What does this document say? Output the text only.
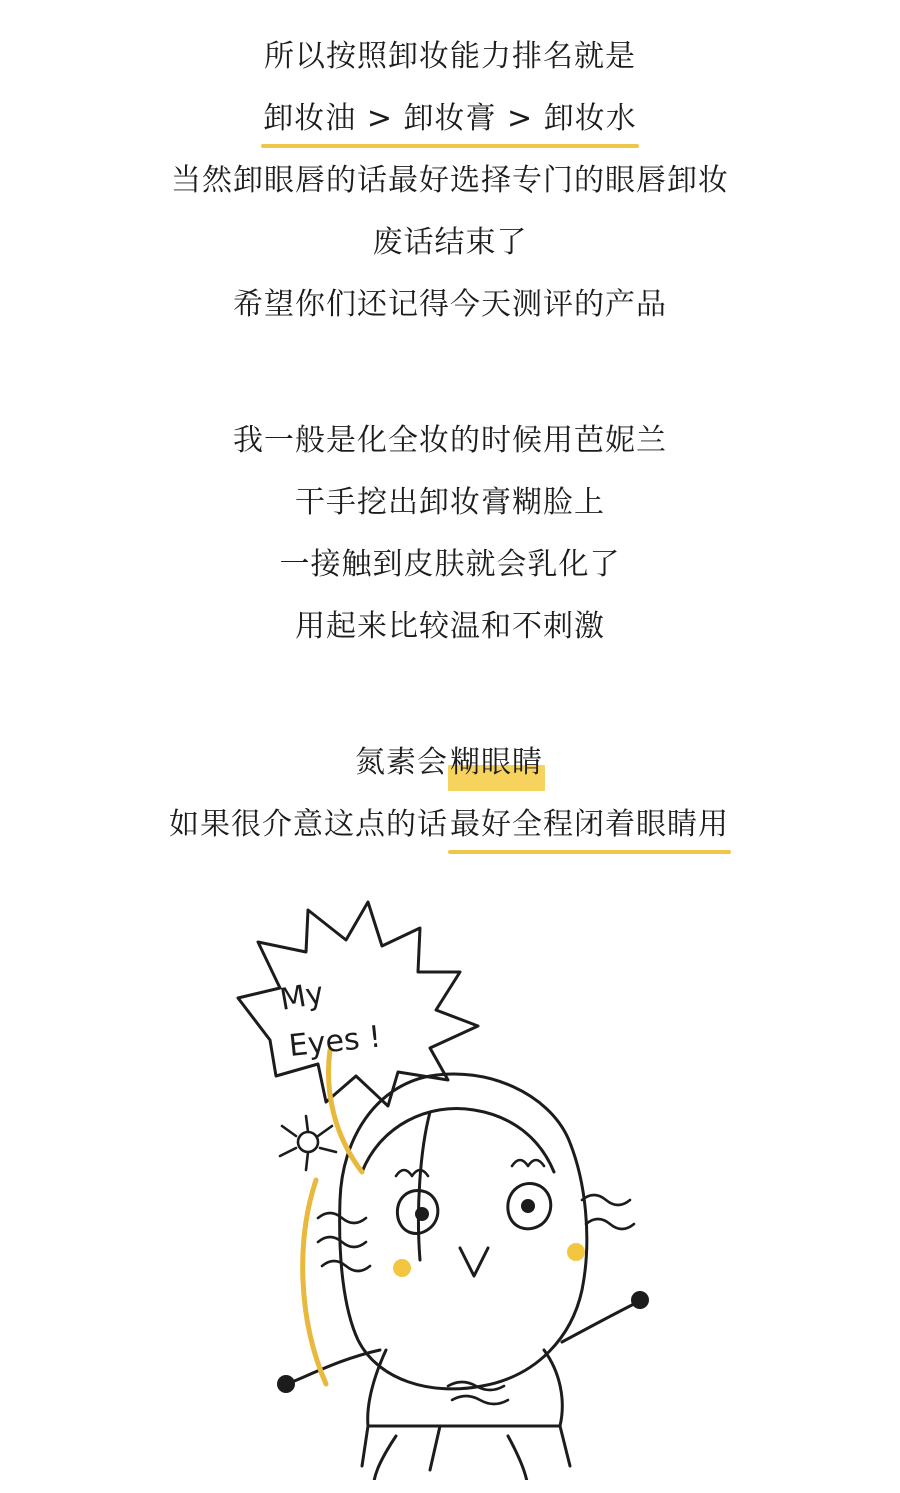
所以按照卸妆能力排名就是
卸妆油 > 卸妆膏 > 卸妆水
当然卸眼唇的话最好选择专门的眼唇卸妆
废话结束了
希望你们还记得今天测评的产品
我一般是化全妆的时候用芭妮兰
干手挖出卸妆膏糊脸上
一接触到皮肤就会乳化了
用起来比较温和不刺激
氮素会糊眼睛
如果很介意这点的话最好全程闭着眼睛用
My
Eyes !
